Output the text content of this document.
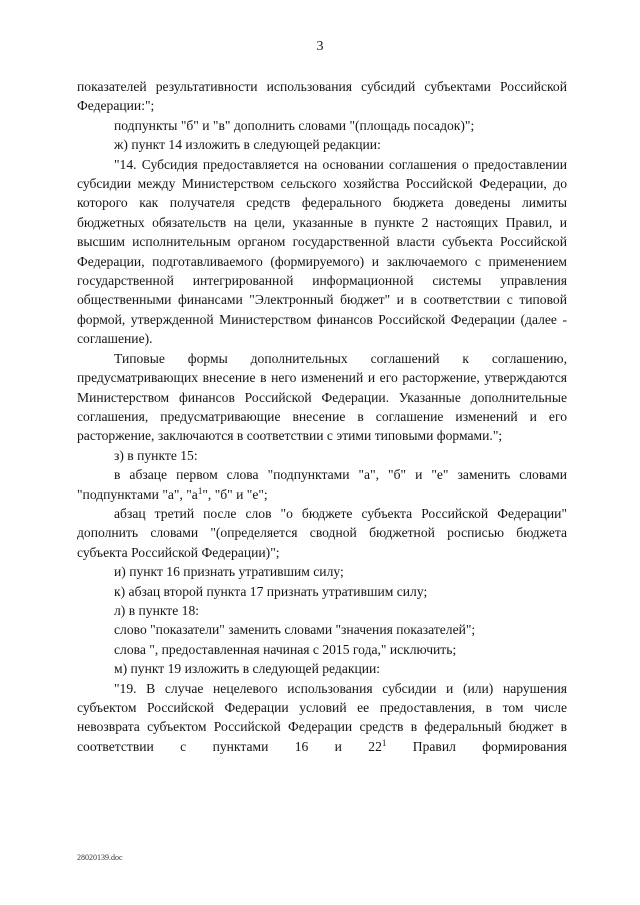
3

показателей результативности использования субсидий субъектами Российской Федерации:";

подпункты "б" и "в" дополнить словами "(площадь посадок)";

ж) пункт 14 изложить в следующей редакции:

"14. Субсидия предоставляется на основании соглашения о предоставлении субсидии между Министерством сельского хозяйства Российской Федерации, до которого как получателя средств федерального бюджета доведены лимиты бюджетных обязательств на цели, указанные в пункте 2 настоящих Правил, и высшим исполнительным органом государственной власти субъекта Российской Федерации, подготавливаемого (формируемого) и заключаемого с применением государственной интегрированной информационной системы управления общественными финансами "Электронный бюджет" и в соответствии с типовой формой, утвержденной Министерством финансов Российской Федерации (далее - соглашение).

Типовые формы дополнительных соглашений к соглашению, предусматривающих внесение в него изменений и его расторжение, утверждаются Министерством финансов Российской Федерации. Указанные дополнительные соглашения, предусматривающие внесение в соглашение изменений и его расторжение, заключаются в соответствии с этими типовыми формами.";

з) в пункте 15:

в абзаце первом слова "подпунктами "а", "б" и "е" заменить словами "подпунктами "а", "$а^1$", "б" и "е";

абзац третий после слов "о бюджете субъекта Российской Федерации" дополнить словами "(определяется сводной бюджетной росписью бюджета субъекта Российской Федерации)";

и) пункт 16 признать утратившим силу;

к) абзац второй пункта 17 признать утратившим силу;

л) в пункте 18:

слово "показатели" заменить словами "значения показателей";

слова ", предоставленная начиная с 2015 года," исключить;

м) пункт 19 изложить в следующей редакции:

"19. В случае нецелевого использования субсидии и (или) нарушения субъектом Российской Федерации условий ее предоставления, в том числе невозврата субъектом Российской Федерации средств в федеральный бюджет в соответствии с пунктами 16 и $22^1$ Правил формирования

28020139.doc
